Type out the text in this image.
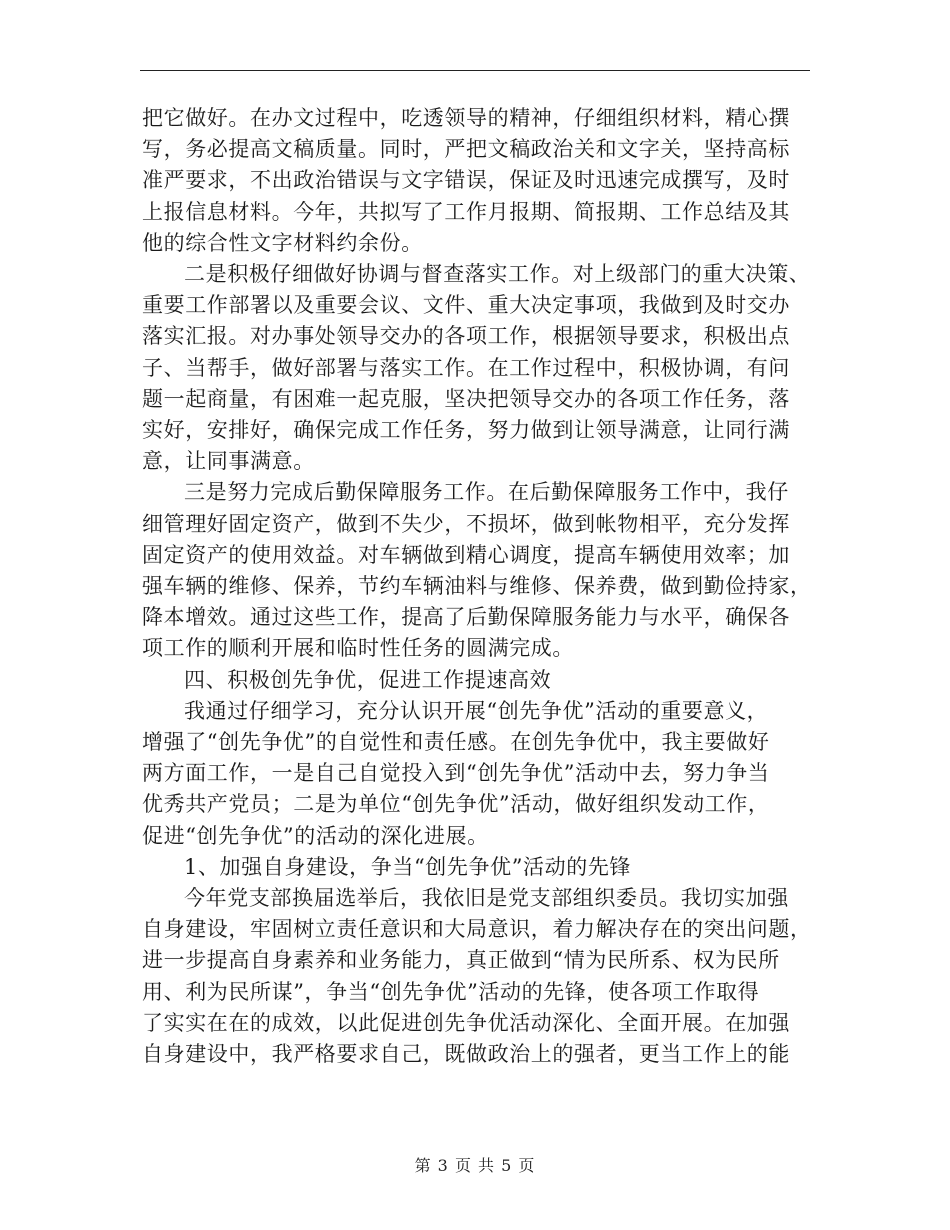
把它做好。在办文过程中，吃透领导的精神，仔细组织材料，精心撰

写，务必提高文稿质量。同时，严把文稿政治关和文字关，坚持高标

准严要求，不出政治错误与文字错误，保证及时迅速完成撰写，及时

上报信息材料。今年，共拟写了工作月报期、简报期、工作总结及其

他的综合性文字材料约余份。

二是积极仔细做好协调与督查落实工作。对上级部门的重大决策、

重要工作部署以及重要会议、文件、重大决定事项，我做到及时交办

落实汇报。对办事处领导交办的各项工作，根据领导要求，积极出点

子、当帮手，做好部署与落实工作。在工作过程中，积极协调，有问

题一起商量，有困难一起克服，坚决把领导交办的各项工作任务，落

实好，安排好，确保完成工作任务，努力做到让领导满意，让同行满

意，让同事满意。

三是努力完成后勤保障服务工作。在后勤保障服务工作中，我仔

细管理好固定资产，做到不失少，不损坏，做到帐物相平，充分发挥

固定资产的使用效益。对车辆做到精心调度，提高车辆使用效率；加

强车辆的维修、保养，节约车辆油料与维修、保养费，做到勤俭持家，

降本增效。通过这些工作，提高了后勤保障服务能力与水平，确保各

项工作的顺利开展和临时性任务的圆满完成。

四、积极创先争优，促进工作提速高效

我通过仔细学习，充分认识开展“创先争优”活动的重要意义，

增强了“创先争优”的自觉性和责任感。在创先争优中，我主要做好

两方面工作，一是自己自觉投入到“创先争优”活动中去，努力争当

优秀共产党员；二是为单位“创先争优”活动，做好组织发动工作，

促进“创先争优”的活动的深化进展。

1、加强自身建设，争当“创先争优”活动的先锋

今年党支部换届选举后，我依旧是党支部组织委员。我切实加强

自身建设，牢固树立责任意识和大局意识，着力解决存在的突出问题，

进一步提高自身素养和业务能力，真正做到“情为民所系、权为民所

用、利为民所谋”，争当“创先争优”活动的先锋，使各项工作取得

了实实在在的成效，以此促进创先争优活动深化、全面开展。在加强

自身建设中，我严格要求自己，既做政治上的强者，更当工作上的能

第 3 页 共 5 页
